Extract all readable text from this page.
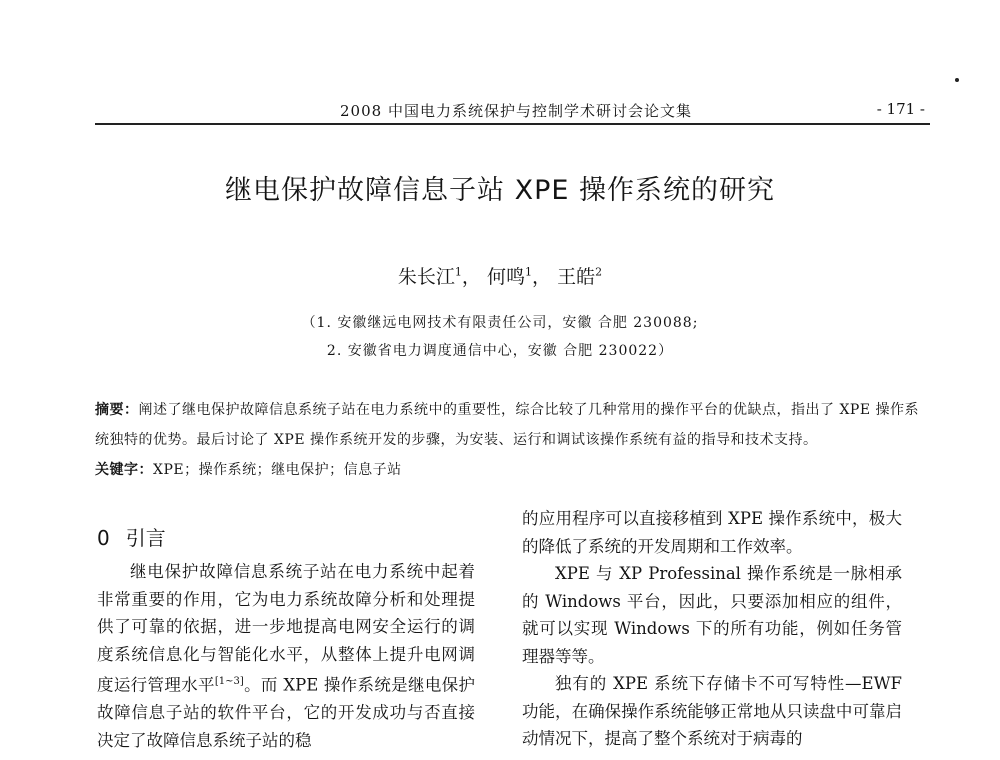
2008 中国电力系统保护与控制学术研讨会论文集	- 171 -
继电保护故障信息子站 XPE 操作系统的研究
朱长江$^1$， 何鸣$^1$， 王皓$^2$
（1. 安徽继远电网技术有限责任公司，安徽 合肥 230088;
2. 安徽省电力调度通信中心，安徽 合肥 230022）

摘要：阐述了继电保护故障信息系统子站在电力系统中的重要性，综合比较了几种常用的操作平台的优缺点，指出了 XPE 操作系统独特的优势。最后讨论了 XPE 操作系统开发的步骤，为安装、运行和调试该操作系统有益的指导和技术支持。

关键字：XPE；操作系统；继电保护；信息子站

0 引言

继电保护故障信息系统子站在电力系统中起着非常重要的作用，它为电力系统故障分析和处理提供了可靠的依据，进一步地提高电网安全运行的调度系统信息化与智能化水平，从整体上提升电网调度运行管理水平[1~3]。而 XPE 操作系统是继电保护故障信息子站的软件平台，它的开发成功与否直接决定了故障信息系统子站的稳

的应用程序可以直接移植到 XPE 操作系统中，极大的降低了系统的开发周期和工作效率。

XPE 与 XP Professinal 操作系统是一脉相承的 Windows 平台，因此，只要添加相应的组件，就可以实现 Windows 下的所有功能，例如任务管理器等等。

独有的 XPE 系统下存储卡不可写特性—EWF 功能，在确保操作系统能够正常地从只读盘中可靠启动情况下，提高了整个系统对于病毒的
